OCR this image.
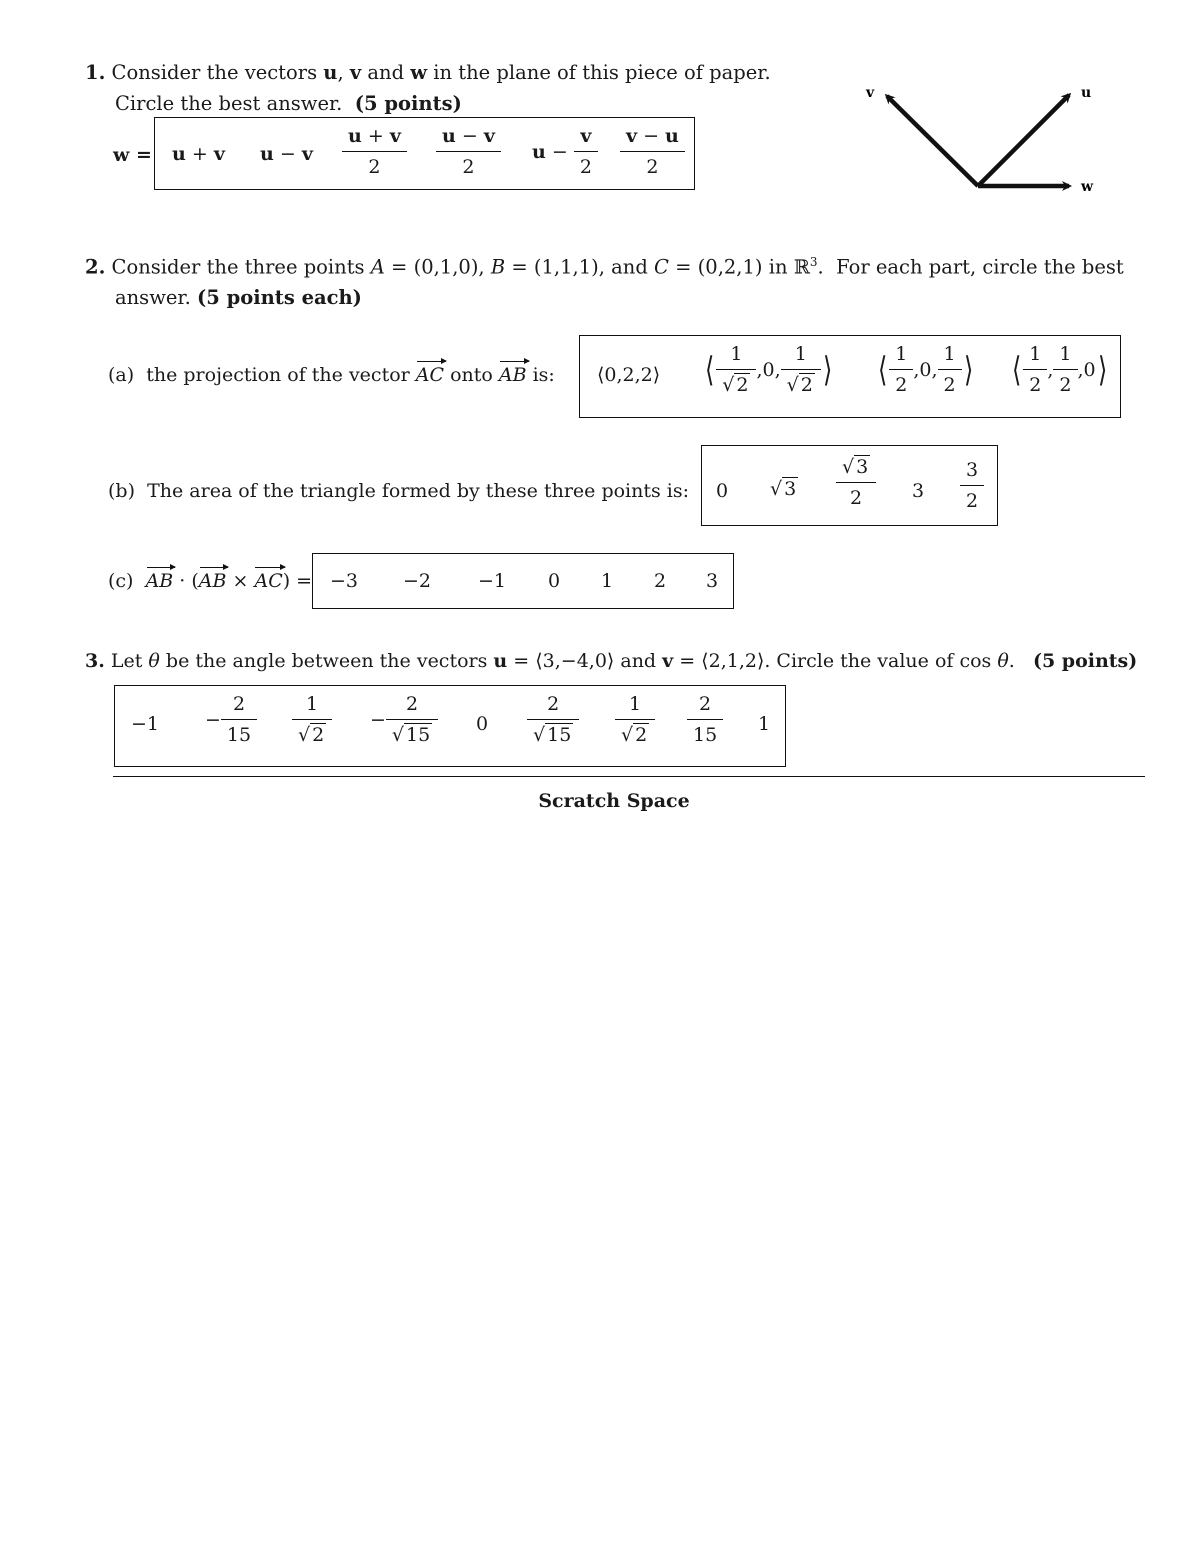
1. Consider the vectors u, v and w in the plane of this piece of paper.
Circle the best answer. (5 points)
w = u + v u − v $\frac{u + v}{2} \frac{u - v}{2}$ $u - \frac{v}{2} \frac{v - u}{2}$
v	u
w
2. Consider the three points A = (0,1,0), B = (1,1,1), and C = (0,2,1) in ℝ$^3$.  For each part, circle the best
answer. (5 points each)
(a)  the projection of the vector AC onto AB is: ⟨0,2,2⟩ ⟨ $\frac{1}{√ 2} ,0$, $\frac{1}{√ 2}$ ⟩ ⟨ $\frac{1}{2} ,0$, $\frac{1}{2}$ ⟩ ⟨ $\frac{1}{2}$ , $\frac{1}{2}$ ,0⟩
(b) The area of the triangle formed by these three points is: 0 √ $3 \frac{√ 3}{2} 3 \frac{3}{2}$
(c) AB · (AB × AC) = −3 −2 −1 0 1 2 3
3. Let θ be the angle between the vectors u = ⟨3,−4,0⟩ and v = ⟨2,1,2⟩. Circle the value of cos θ.   (5 points)
$-1 - \frac{2}{15} \frac{1}{√ 2} - \frac{2}{√ 15} 0 \frac{2}{√ 15} \frac{1}{√ 2} \frac{2}{15} 1$
Scratch Space
